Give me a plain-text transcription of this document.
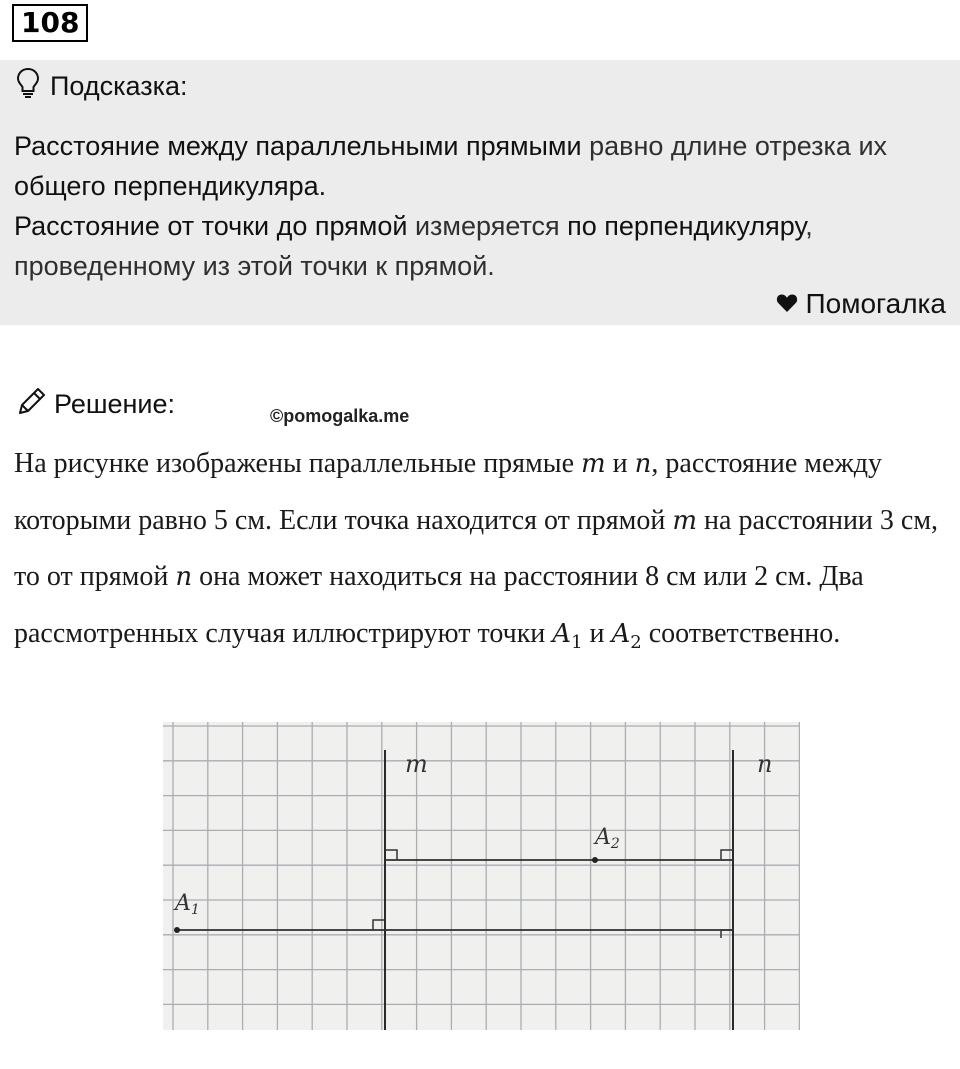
108
Подсказка:
Расстояние между параллельными прямыми равно длине отрезка их общего перпендикуляра.
Расстояние от точки до прямой измеряется по перпендикуляру, проведенному из этой точки к прямой.
Помогалка
Решение:	©pomogalka.me
На рисунке изображены параллельные прямые m и n, расстояние между которыми равно 5 см. Если точка находится от прямой m на расстоянии 3 см, то от прямой n она может находиться на расстоянии 8 см или 2 см. Два рассмотренных случая иллюстрируют точки $A_1$ и $A_2$ соответственно.
m	n
A2
A1
